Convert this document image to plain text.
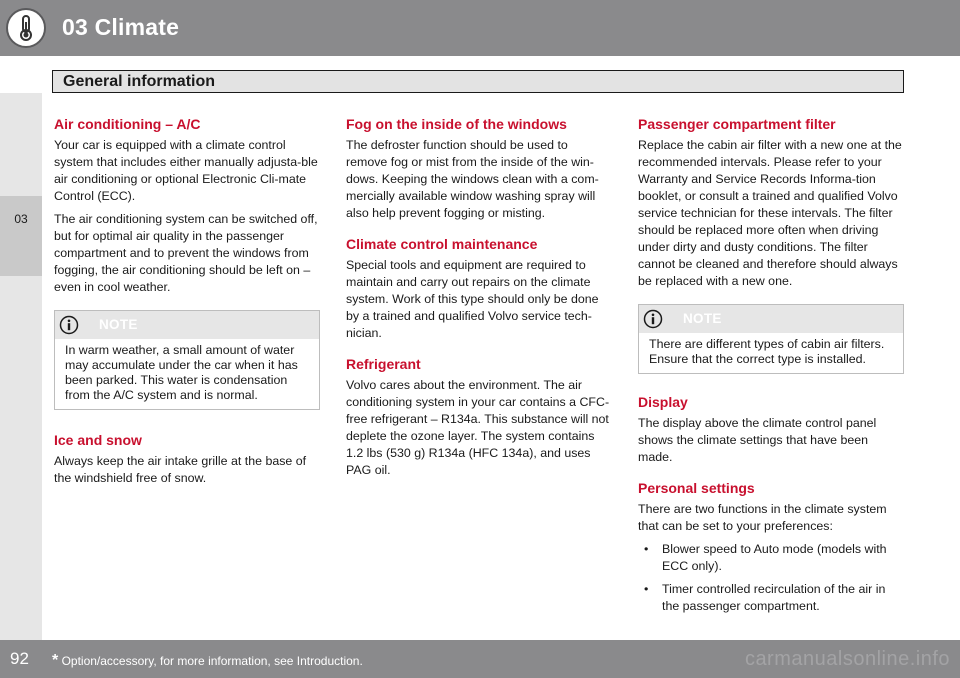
03 Climate
General information
03
Air conditioning – A/C

Your car is equipped with a climate control system that includes either manually adjusta-ble air conditioning or optional Electronic Cli-mate Control (ECC).

The air conditioning system can be switched off, but for optimal air quality in the passenger compartment and to prevent the windows from fogging, the air conditioning should be left on – even in cool weather.

NOTE
In warm weather, a small amount of water may accumulate under the car when it has been parked. This water is condensation from the A/C system and is normal.
Ice and snow

Always keep the air intake grille at the base of the windshield free of snow.

Fog on the inside of the windows

The defroster function should be used to remove fog or mist from the inside of the win-dows. Keeping the windows clean with a com-mercially available window washing spray will also help prevent fogging or misting.

Climate control maintenance

Special tools and equipment are required to maintain and carry out repairs on the climate system. Work of this type should only be done by a trained and qualified Volvo service tech-nician.

Refrigerant

Volvo cares about the environment. The air conditioning system in your car contains a CFC-free refrigerant – R134a. This substance will not deplete the ozone layer. The system contains 1.2 lbs (530 g) R134a (HFC 134a), and uses PAG oil.

Passenger compartment filter

Replace the cabin air filter with a new one at the recommended intervals. Please refer to your Warranty and Service Records Informa-tion booklet, or consult a trained and qualified Volvo service technician for these intervals. The filter should be replaced more often when driving under dirty and dusty conditions. The filter cannot be cleaned and therefore should always be replaced with a new one.

NOTE
There are different types of cabin air filters. Ensure that the correct type is installed.
Display

The display above the climate control panel shows the climate settings that have been made.

Personal settings

There are two functions in the climate system that can be set to your preferences:

• Blower speed to Auto mode (models with ECC only).
• Timer controlled recirculation of the air in the passenger compartment.
92 * Option/accessory, for more information, see Introduction.	carmanualsonline.info
